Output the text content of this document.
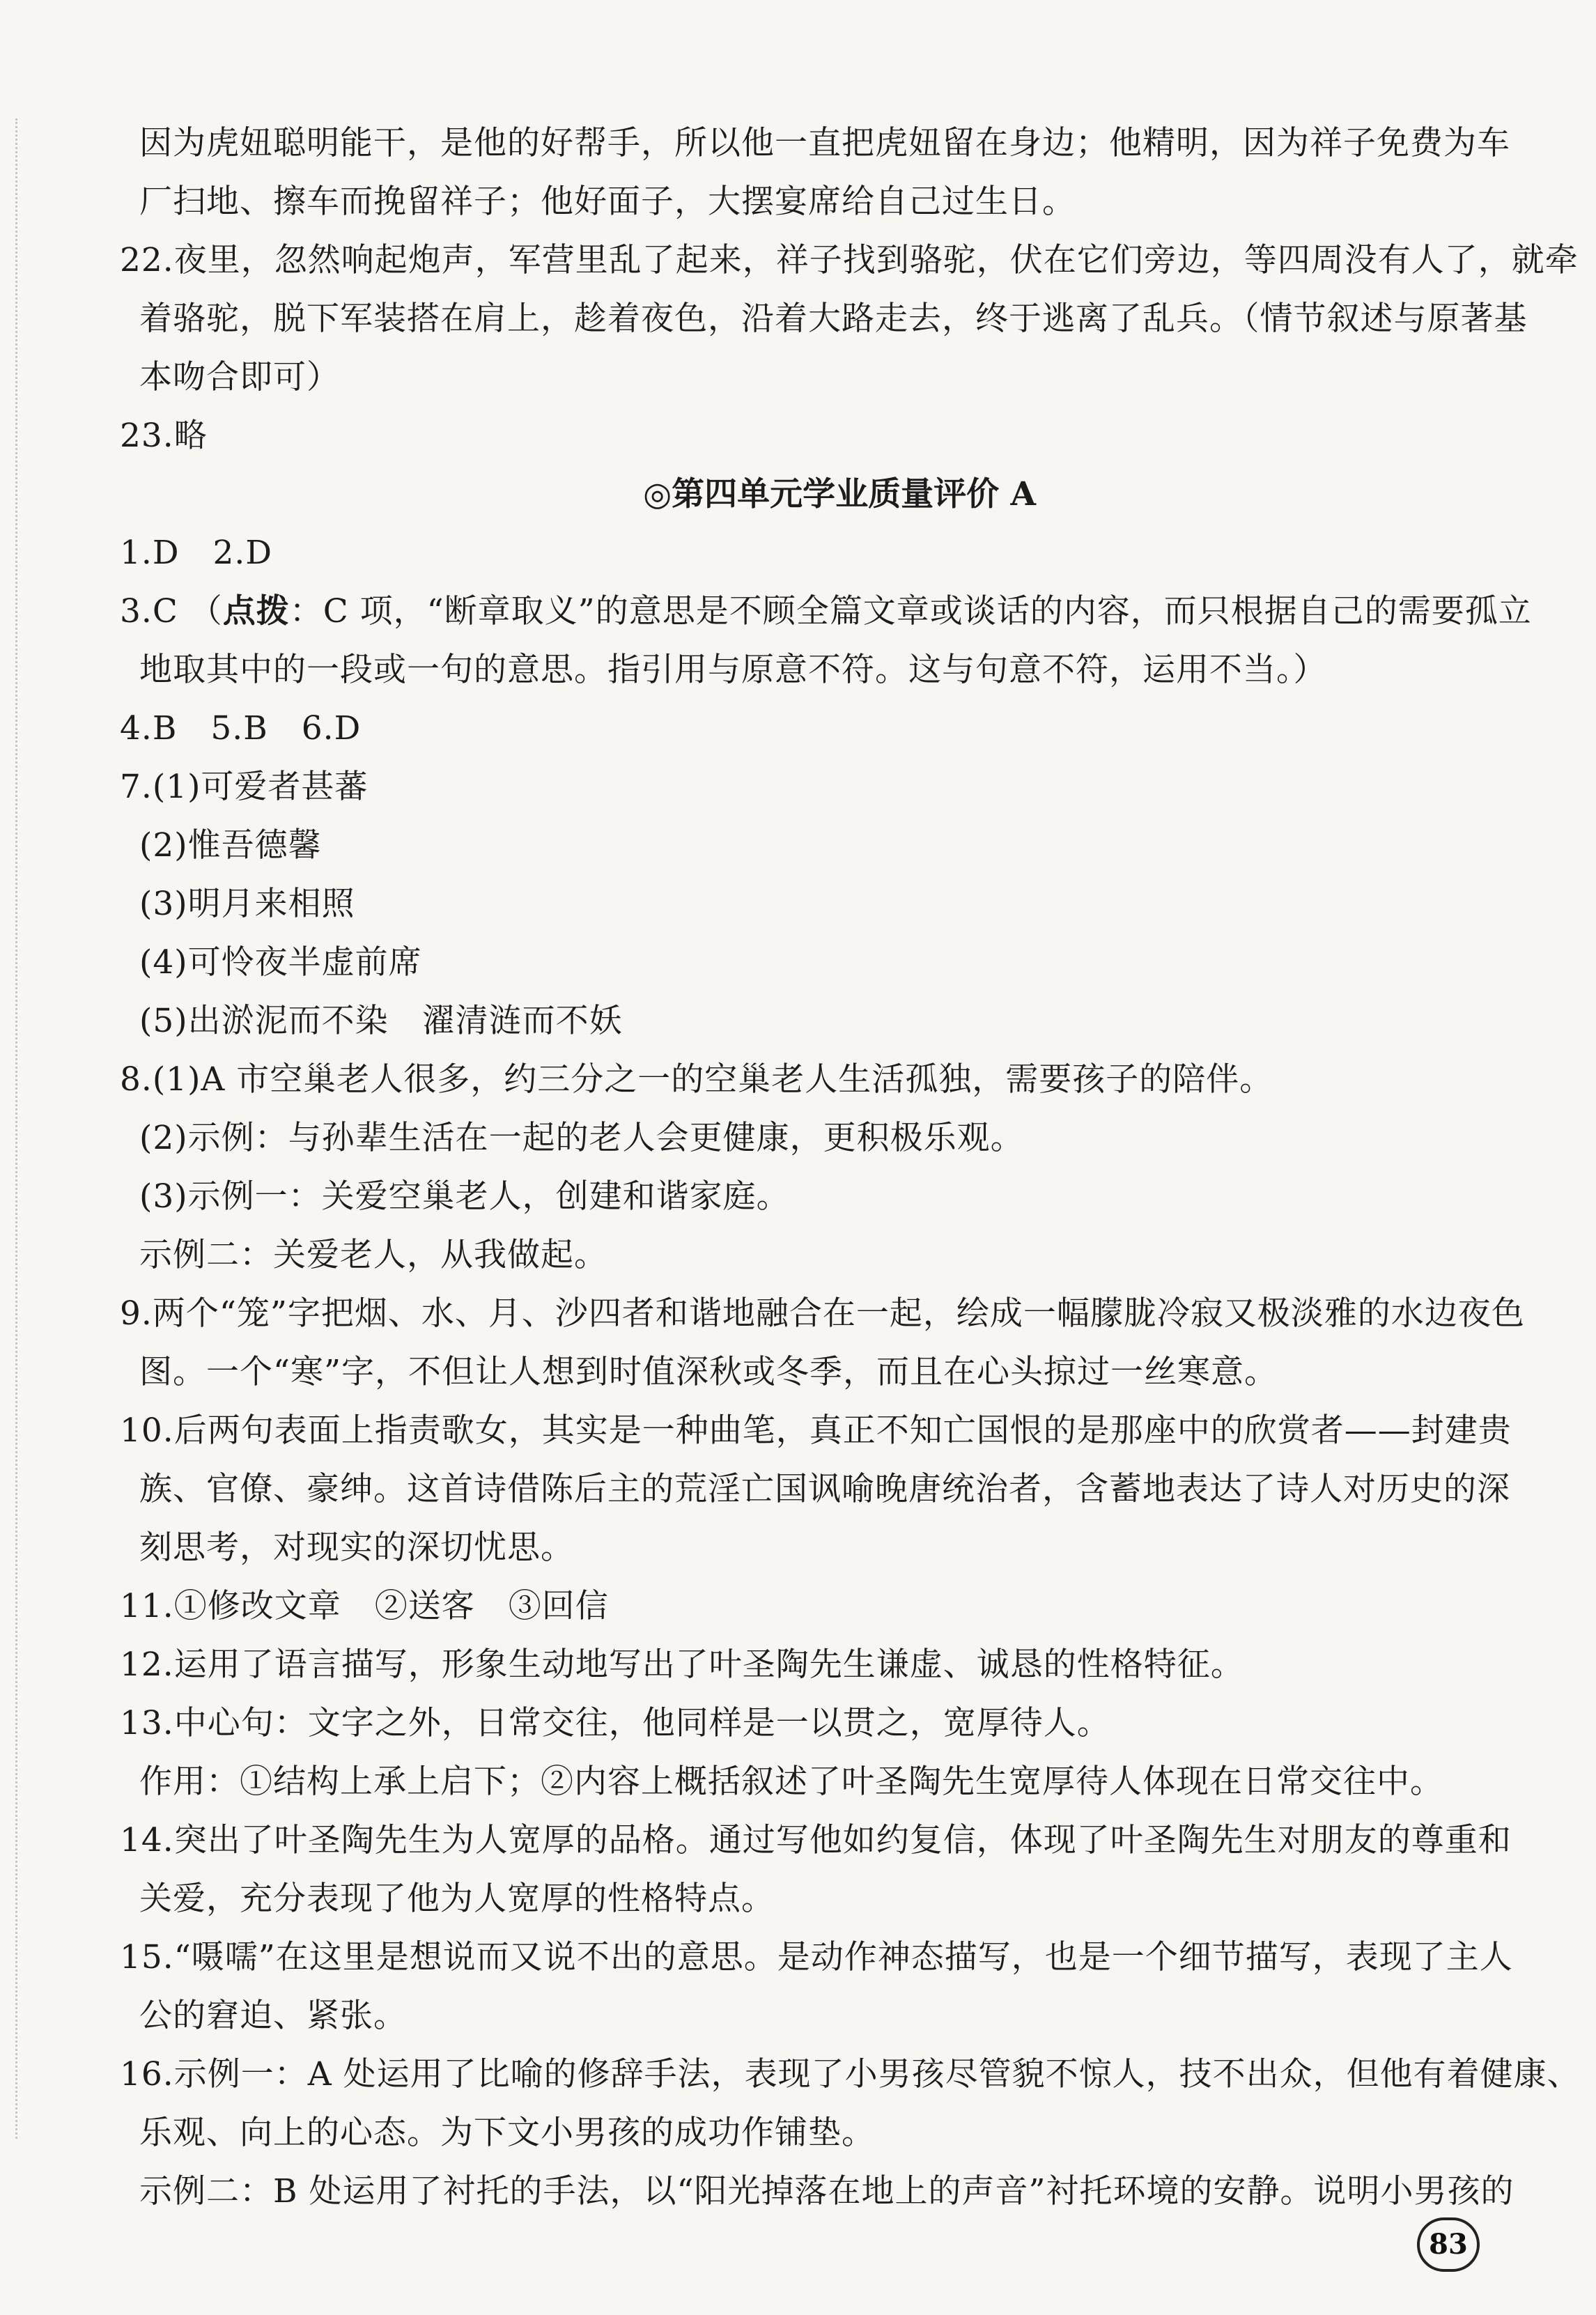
因为虎妞聪明能干，是他的好帮手，所以他一直把虎妞留在身边；他精明，因为祥子免费为车
厂扫地、擦车而挽留祥子；他好面子，大摆宴席给自己过生日。
22.夜里，忽然响起炮声，军营里乱了起来，祥子找到骆驼，伏在它们旁边，等四周没有人了，就牵
着骆驼，脱下军装搭在肩上，趁着夜色，沿着大路走去，终于逃离了乱兵。（情节叙述与原著基
本吻合即可）
23.略
◎第四单元学业质量评价 A
1.D　2.D
3.C （点拨：C 项，“断章取义”的意思是不顾全篇文章或谈话的内容，而只根据自己的需要孤立
地取其中的一段或一句的意思。指引用与原意不符。这与句意不符，运用不当。）
4.B　5.B　6.D
7.(1)可爱者甚蕃
(2)惟吾德馨
(3)明月来相照
(4)可怜夜半虚前席
(5)出淤泥而不染　濯清涟而不妖
8.(1)A 市空巢老人很多，约三分之一的空巢老人生活孤独，需要孩子的陪伴。
(2)示例：与孙辈生活在一起的老人会更健康，更积极乐观。
(3)示例一：关爱空巢老人，创建和谐家庭。
示例二：关爱老人，从我做起。
9.两个“笼”字把烟、水、月、沙四者和谐地融合在一起，绘成一幅朦胧冷寂又极淡雅的水边夜色
图。一个“寒”字，不但让人想到时值深秋或冬季，而且在心头掠过一丝寒意。
10.后两句表面上指责歌女，其实是一种曲笔，真正不知亡国恨的是那座中的欣赏者——封建贵
族、官僚、豪绅。这首诗借陈后主的荒淫亡国讽喻晚唐统治者，含蓄地表达了诗人对历史的深
刻思考，对现实的深切忧思。
11.①修改文章　②送客　③回信
12.运用了语言描写，形象生动地写出了叶圣陶先生谦虚、诚恳的性格特征。
13.中心句：文字之外，日常交往，他同样是一以贯之，宽厚待人。
作用：①结构上承上启下；②内容上概括叙述了叶圣陶先生宽厚待人体现在日常交往中。
14.突出了叶圣陶先生为人宽厚的品格。通过写他如约复信，体现了叶圣陶先生对朋友的尊重和
关爱，充分表现了他为人宽厚的性格特点。
15.“嗫嚅”在这里是想说而又说不出的意思。是动作神态描写，也是一个细节描写，表现了主人
公的窘迫、紧张。
16.示例一：A 处运用了比喻的修辞手法，表现了小男孩尽管貌不惊人，技不出众，但他有着健康、
乐观、向上的心态。为下文小男孩的成功作铺垫。
示例二：B 处运用了衬托的手法，以“阳光掉落在地上的声音”衬托环境的安静。说明小男孩的
83
